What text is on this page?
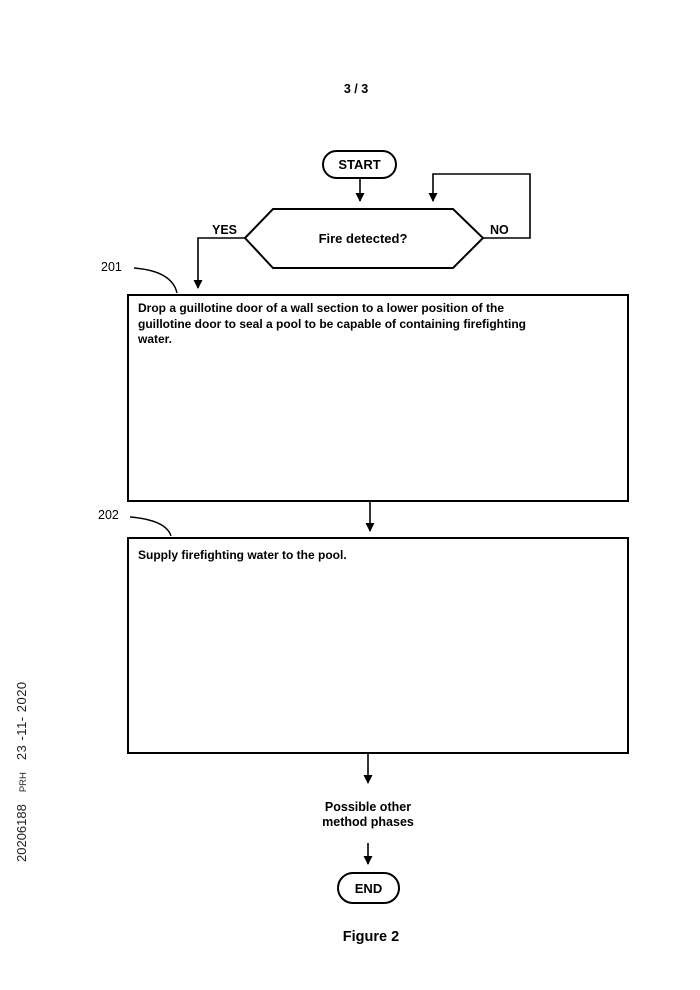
3 / 3
START
Fire detected?
YES	NO
201
Drop a guillotine door of a wall section to a lower position of the
guillotine door to seal a pool to be capable of containing firefighting
water.
202
Supply firefighting water to the pool.
Possible other
method phases
END
Figure 2
20206188PRH23 -11- 2020
